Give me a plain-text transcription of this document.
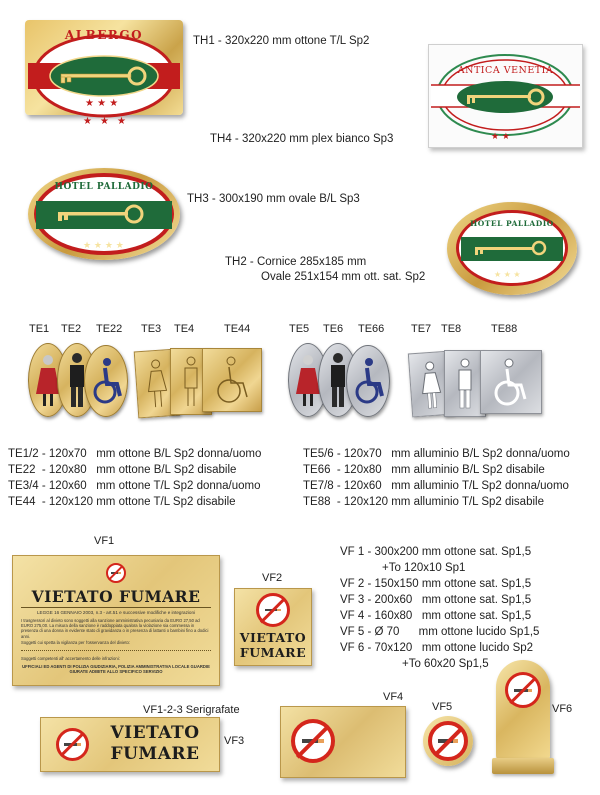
★ ★ ★
★ ★ ★
ALBERGO	TH1 - 320x220 mm ottone T/L Sp2
★ ★
ANTICA VENETIA
TH4 - 320x220 mm plex bianco Sp3
★ ★ ★ ★
HOTEL PALLADIO
TH3 - 300x190 mm ovale B/L Sp3
★ ★ ★
HOTEL PALLADIO
TH2 - Cornice 285x185 mm
Ovale 251x154 mm ott. sat. Sp2
TE1 TE2 TE22 TE3 TE4	TE44	TE5 TE6 TE66 TE7 TE8	TE88
TE1/2 - 120x70   mm ottone B/L Sp2 donna/uomo
TE22  - 120x80   mm ottone B/L Sp2 disabile
TE3/4 - 120x60   mm ottone T/L Sp2 donna/uomo
TE44  - 120x120 mm ottone T/L Sp2 disabile
TE5/6 - 120x70   mm alluminio B/L Sp2 donna/uomo
TE66  - 120x80   mm alluminio B/L Sp2 disabile
TE7/8 - 120x60   mm alluminio T/L Sp2 donna/uomo
TE88  - 120x120 mm alluminio T/L Sp2 disabile
VF1
VIETATO FUMARE
LEGGE 16 GENNAIO 2003, n.3 - art.51 e successive modifiche e integrazioni
I trasgressori al divieto sono soggetti alla sanzione amministrativa pecuniaria da EURO 27,50 ad EURO 275,00. La misura della sanzione è raddoppiata qualora la violazione sia commessa in presenza di una donna in evidente stato di gravidanza o in presenza di lattanti o bambini fino a dodici anni.
Soggetti cui spetta la vigilanza per l'osservanza del divieto:
Soggetti competenti all' accertamento delle infrazioni:
UFFICIALI ED AGENTI DI POLIZIA GIUDIZIARIA, POLIZIA AMMINISTRATIVA LOCALE GUARDIE GIURATE ADIBITE ALLO SPECIFICO SERVIZIO
VF2
VIETATO
FUMARE
VF 1 - 300x200 mm ottone sat. Sp1,5
+To 120x10 Sp1
VF 2 - 150x150 mm ottone sat. Sp1,5
VF 3 - 200x60   mm ottone sat. Sp1,5
VF 4 - 160x80   mm ottone sat. Sp1,5
VF 5 - Ø 70      mm ottone lucido Sp1,5
VF 6 - 70x120   mm ottone lucido Sp2
+To 60x20 Sp1,5
VF1-2-3 Serigrafate
VIETATO
FUMARE
VF3
VF4
VF5	VF6
